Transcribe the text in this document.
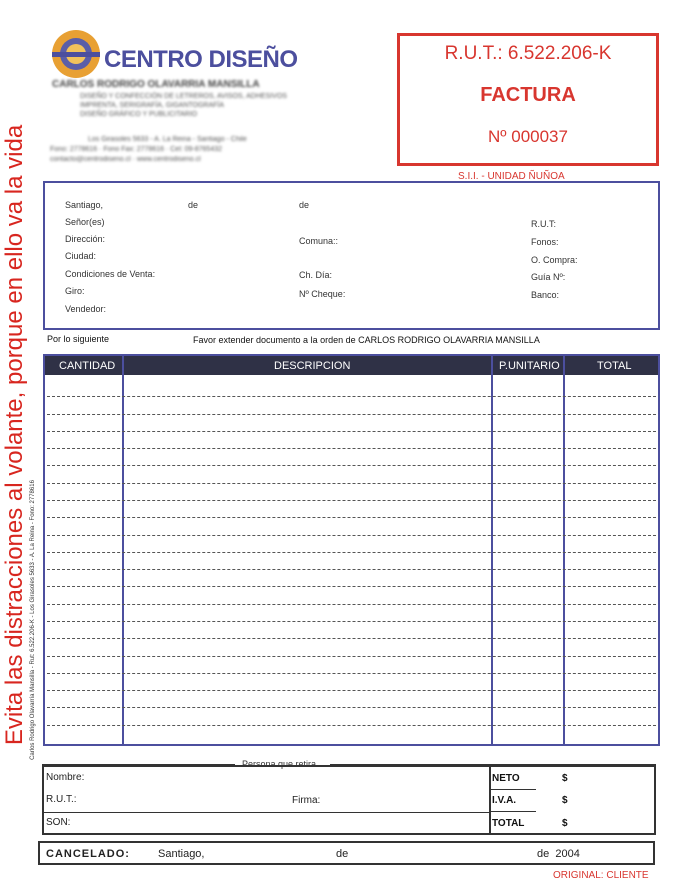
Evita las distracciones al volante, porque en ello va la vida Carlos Rodrigo Olavarría Mansilla - Rut: 6.522.206-K - Los Girasoles 5633 - A. La Reina - Fono: 2778616
CENTRO DISEÑO
CARLOS RODRIGO OLAVARRIA MANSILLA
DISEÑO Y CONFECCIÓN DE LETREROS, AVISOS, ADHESIVOS
IMPRENTA, SERIGRAFÍA, GIGANTOGRAFÍA
DISEÑO GRÁFICO Y PUBLICITARIO
Los Girasoles 5633 - A. La Reina - Santiago - Chile
Fono: 2778616 · Fono Fax: 2778616 · Cel: 09-8765432
contacto@centrodiseno.cl · www.centrodiseno.cl
R.U.T.: 6.522.206-K
FACTURA
Nº 000037
S.I.I. - UNIDAD ÑUÑOA
Santiago,	de	de
Señor(es)
Dirección:
Ciudad:
Condiciones de Venta:
Giro:
Vendedor:
Comuna::
Ch. Día:
Nº Cheque:
R.U.T:
Fonos:
O. Compra:
Guía Nº:
Banco:
Por lo siguiente	Favor extender documento a la orden de CARLOS RODRIGO OLAVARRIA MANSILLA
CANTIDAD	DESCRIPCION	P.UNITARIO	TOTAL
Persona que retira
Nombre:
R.U.T.:	Firma:
SON:
NETO	$
I.V.A.	$
TOTAL	$
CANCELADO:	Santiago,	de	de  2004
ORIGINAL: CLIENTE
